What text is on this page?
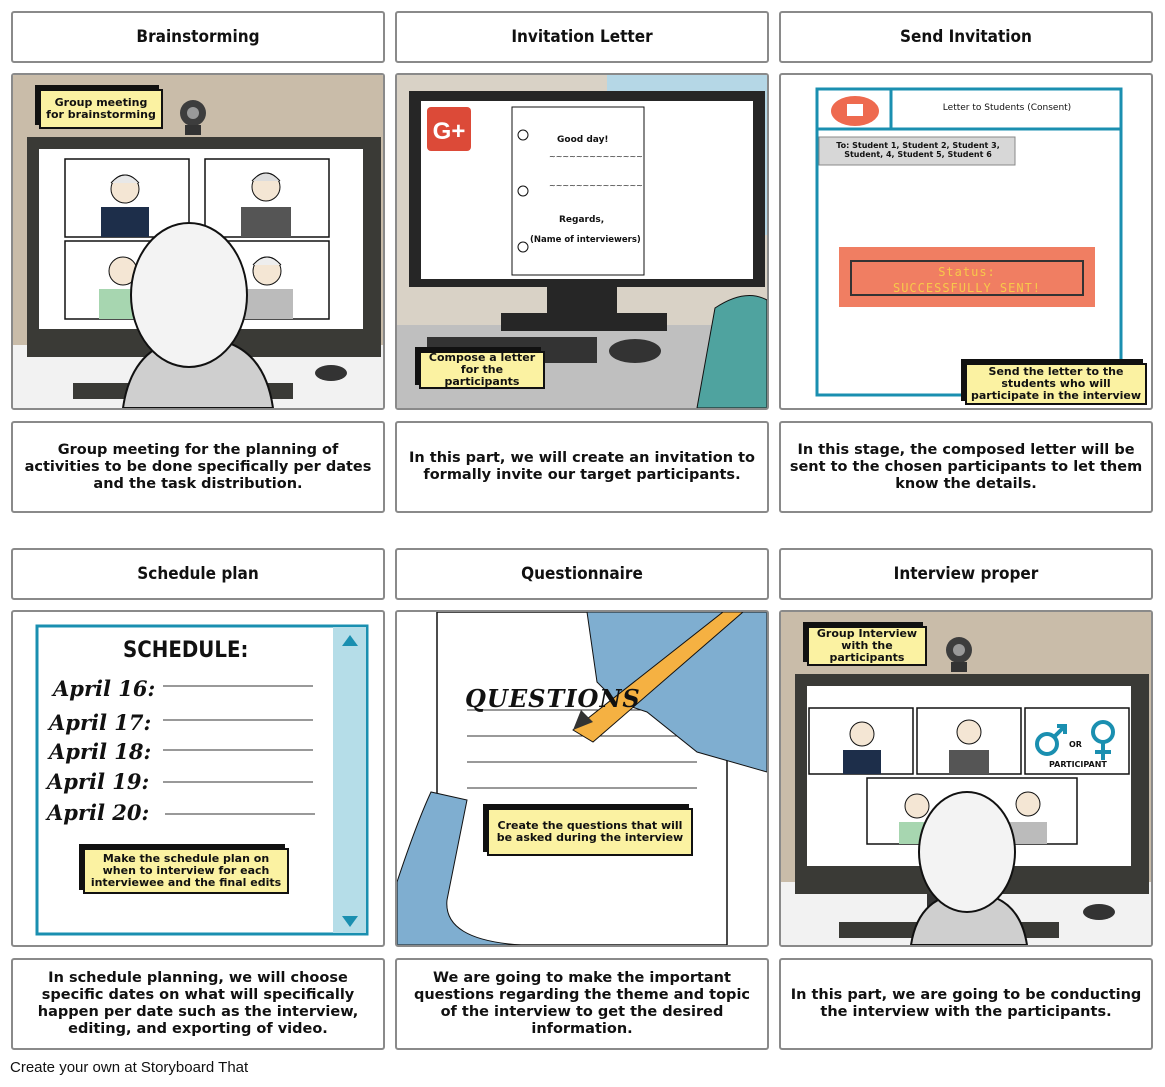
Brainstorming	Invitation Letter	Send Invitation
Group meeting for brainstorming
G+	Good day!
~~~~~~~~~~~~~~
~~~~~~~~~~~~~~
Regards,
(Name of interviewers)
Compose a letter for the participants
Letter to Students (Consent)
To: Student 1, Student 2, Student 3, Student, 4, Student 5, Student 6
Status:
SUCCESSFULLY SENT!
Send the letter to the students who will participate in the interview
Group meeting for the planning of activities to be done specifically per dates and the task distribution.
In this part, we will create an invitation to formally invite our target participants.
In this stage, the composed letter will be sent to the chosen participants to let them know the details.
Schedule plan	Questionnaire	Interview proper
SCHEDULE:
April 16:
April 17:
April 18:
April 19:
April 20:
Make the schedule plan on when to interview for each interviewee and the final edits
QUESTIONS
Create the questions that will be asked during the interview
OR
PARTICIPANT
Group Interview with the participants
In schedule planning, we will choose specific dates on what will specifically happen per date such as the interview, editing, and exporting of video.
We are going to make the important questions regarding the theme and topic of the interview to get the desired information.
In this part, we are going to be conducting the interview with the participants.
Create your own at Storyboard That
